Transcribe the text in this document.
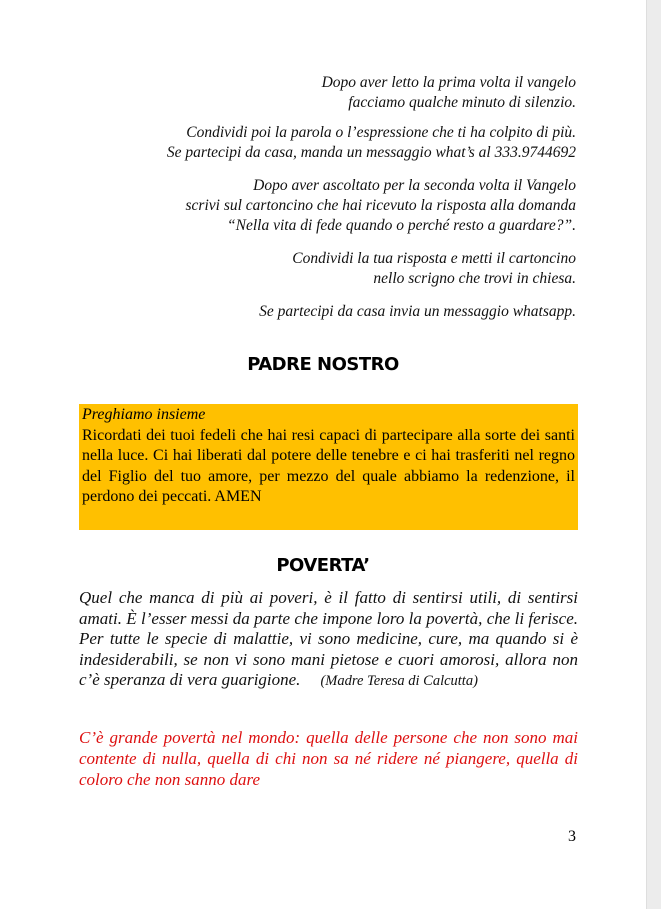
Dopo aver letto la prima volta il vangelo
facciamo qualche minuto di silenzio.
Condividi poi la parola o l’espressione che ti ha colpito di più.
Se partecipi da casa, manda un messaggio what’s al 333.9744692
Dopo aver ascoltato per la seconda volta il Vangelo
scrivi sul cartoncino che hai ricevuto la risposta alla domanda
“Nella vita di fede quando o perché resto a guardare?”.
Condividi la tua risposta e metti il cartoncino
nello scrigno che trovi in chiesa.
Se partecipi da casa invia un messaggio whatsapp.
PADRE NOSTRO
Preghiamo insieme
Ricordati dei tuoi fedeli che hai resi capaci di partecipare alla sorte dei santi nella luce. Ci hai liberati dal potere delle tenebre e ci hai trasferiti nel regno del Figlio del tuo amore, per mezzo del quale abbiamo la redenzione, il perdono dei peccati. AMEN
POVERTA’
Quel che manca di più ai poveri, è il fatto di sentirsi utili, di sentirsi amati. È l’esser messi da parte che impone loro la povertà, che li ferisce. Per tutte le specie di malattie, vi sono medicine, cure, ma quando si è indesiderabili, se non vi sono mani pietose e cuori amorosi, allora non c’è speranza di vera guarigione. (Madre Teresa di Calcutta)
C’è grande povertà nel mondo: quella delle persone che non sono mai contente di nulla, quella di chi non sa né ridere né piangere, quella di coloro che non sanno dare
3
